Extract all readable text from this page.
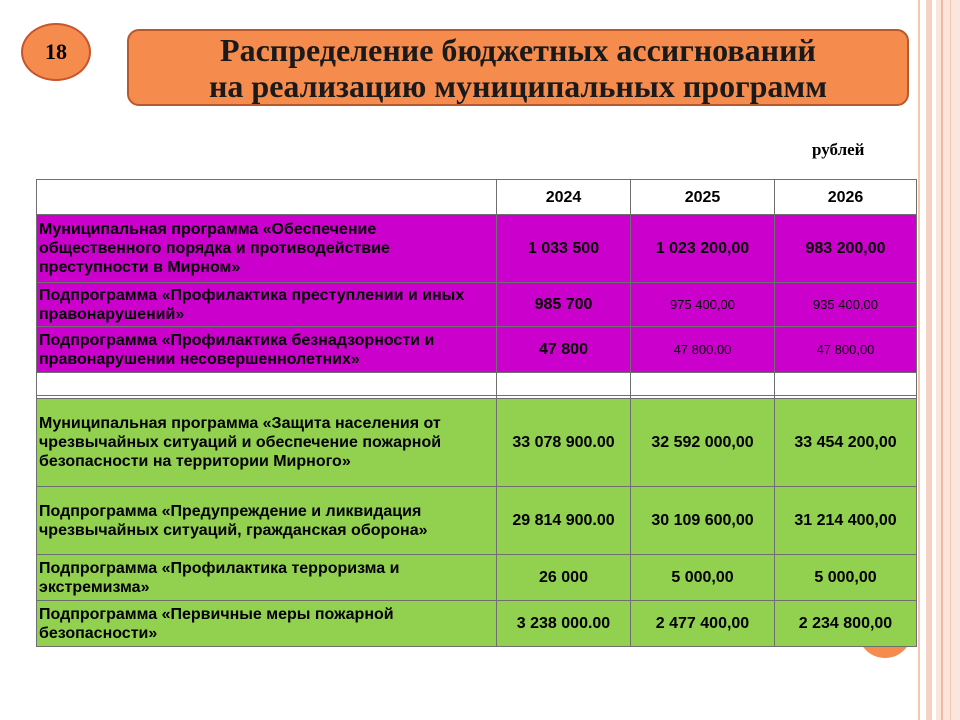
18	Распределение бюджетных ассигнований
на реализацию муниципальных программ
рублей
	2024	2025	2026
Муниципальная программа «Обеспечение общественного порядка и противодействие преступности в Мирном»	1 033 500	1 023 200,00	983 200,00
Подпрограмма «Профилактика преступлении и иных правонарушений»	985 700	975 400,00	935 400,00
Подпрограмма «Профилактика безнадзорности и правонарушении несовершеннолетних»	47 800	47 800,00	47 800,00

Муниципальная программа «Защита населения от чрезвычайных ситуаций и обеспечение пожарной безопасности на территории Мирного»	33 078 900.00	32 592 000,00	33 454 200,00
Подпрограмма «Предупреждение и ликвидация чрезвычайных ситуаций, гражданская оборона»	29 814 900.00	30 109 600,00	31 214 400,00
Подпрограмма «Профилактика терроризма и экстремизма»	26 000	5 000,00	5 000,00
Подпрограмма «Первичные меры пожарной безопасности»	3 238 000.00	2 477 400,00	2 234 800,00
